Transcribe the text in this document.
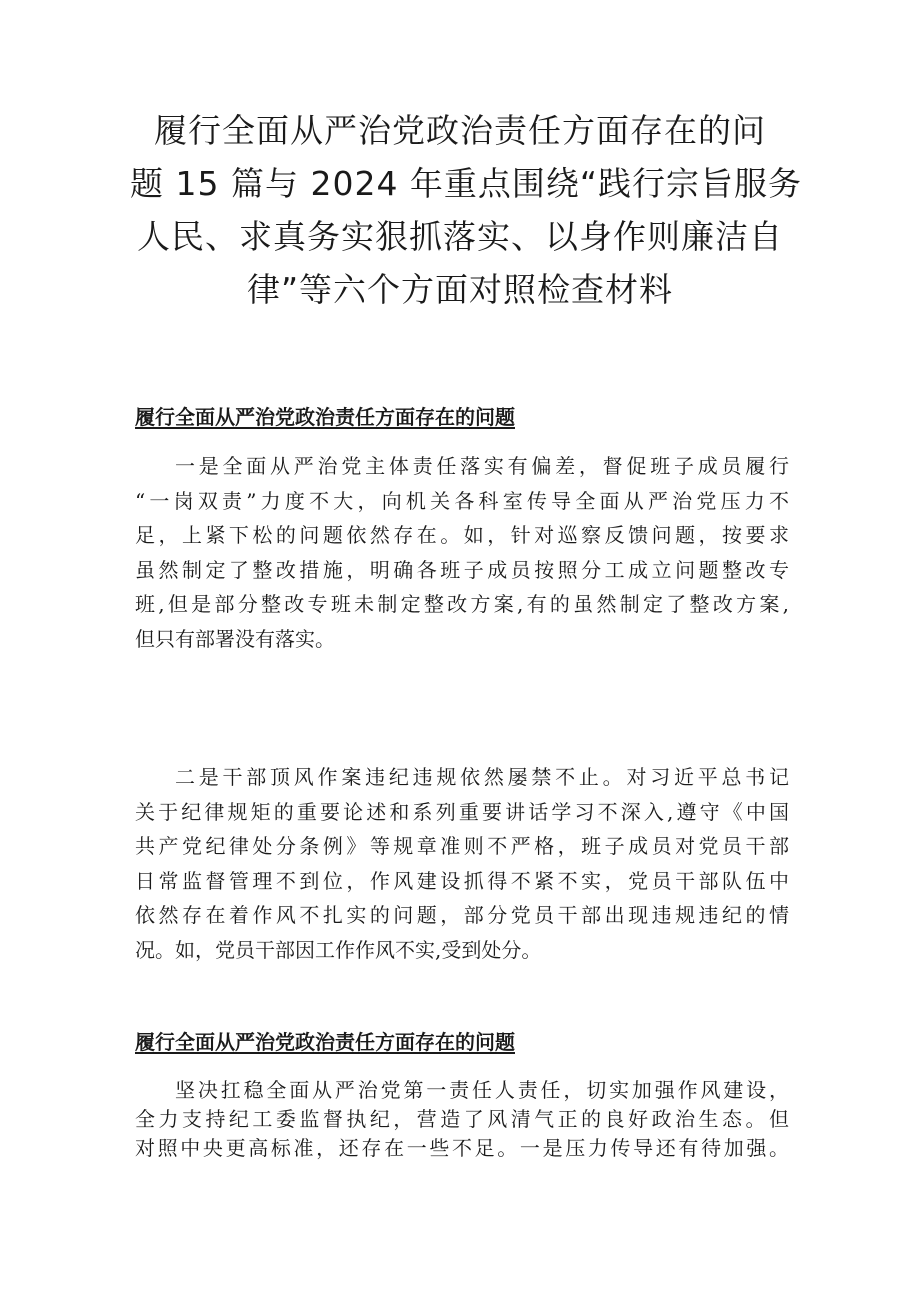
履行全面从严治党政治责任方面存在的问
题 15 篇与 2024 年重点围绕“践行宗旨服务
人民、求真务实狠抓落实、以身作则廉洁自
律”等六个方面对照检查材料
履行全面从严治党政治责任方面存在的问题

一是全面从严治党主体责任落实有偏差，督促班子成员履行
“一岗双责”力度不大，向机关各科室传导全面从严治党压力不
足，上紧下松的问题依然存在。如，针对巡察反馈问题，按要求
虽然制定了整改措施，明确各班子成员按照分工成立问题整改专
班,但是部分整改专班未制定整改方案,有的虽然制定了整改方案,
但只有部署没有落实。

二是干部顶风作案违纪违规依然屡禁不止。对习近平总书记
关于纪律规矩的重要论述和系列重要讲话学习不深入,遵守《中国
共产党纪律处分条例》等规章准则不严格，班子成员对党员干部
日常监督管理不到位，作风建设抓得不紧不实，党员干部队伍中
依然存在着作风不扎实的问题，部分党员干部出现违规违纪的情
况。如，党员干部因工作作风不实,受到处分。

履行全面从严治党政治责任方面存在的问题

坚决扛稳全面从严治党第一责任人责任，切实加强作风建设，
全力支持纪工委监督执纪，营造了风清气正的良好政治生态。但
对照中央更高标准，还存在一些不足。一是压力传导还有待加强。
